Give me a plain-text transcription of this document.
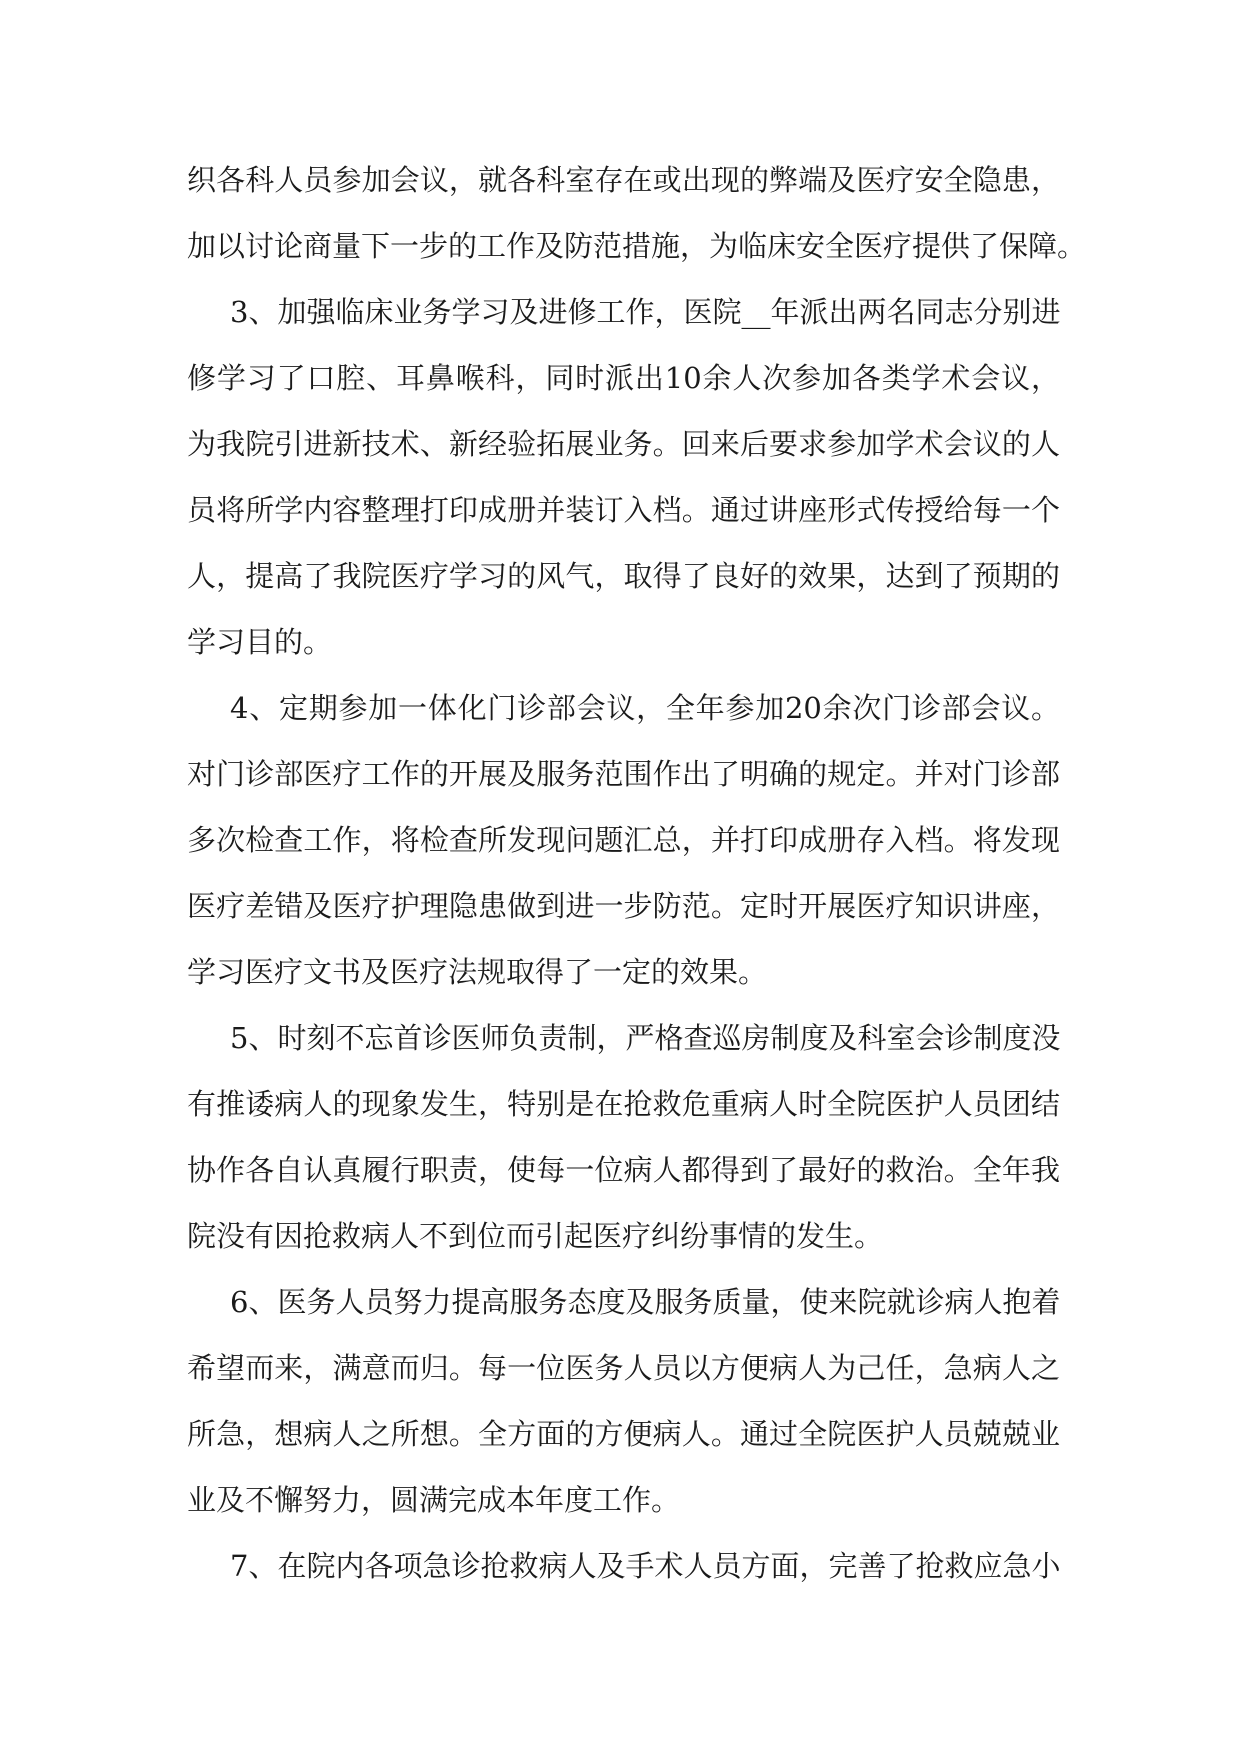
织各科人员参加会议，就各科室存在或出现的弊端及医疗安全隐患，
加以讨论商量下一步的工作及防范措施，为临床安全医疗提供了保障。
3、加强临床业务学习及进修工作，医院__年派出两名同志分别进
修学习了口腔、耳鼻喉科，同时派出10余人次参加各类学术会议，
为我院引进新技术、新经验拓展业务。回来后要求参加学术会议的人
员将所学内容整理打印成册并装订入档。通过讲座形式传授给每一个
人，提高了我院医疗学习的风气，取得了良好的效果，达到了预期的
学习目的。
4、定期参加一体化门诊部会议，全年参加20余次门诊部会议。
对门诊部医疗工作的开展及服务范围作出了明确的规定。并对门诊部
多次检查工作，将检查所发现问题汇总，并打印成册存入档。将发现
医疗差错及医疗护理隐患做到进一步防范。定时开展医疗知识讲座，
学习医疗文书及医疗法规取得了一定的效果。
5、时刻不忘首诊医师负责制，严格查巡房制度及科室会诊制度没
有推诿病人的现象发生，特别是在抢救危重病人时全院医护人员团结
协作各自认真履行职责，使每一位病人都得到了最好的救治。全年我
院没有因抢救病人不到位而引起医疗纠纷事情的发生。
6、医务人员努力提高服务态度及服务质量，使来院就诊病人抱着
希望而来，满意而归。每一位医务人员以方便病人为己任，急病人之
所急，想病人之所想。全方面的方便病人。通过全院医护人员兢兢业
业及不懈努力，圆满完成本年度工作。
7、在院内各项急诊抢救病人及手术人员方面，完善了抢救应急小
